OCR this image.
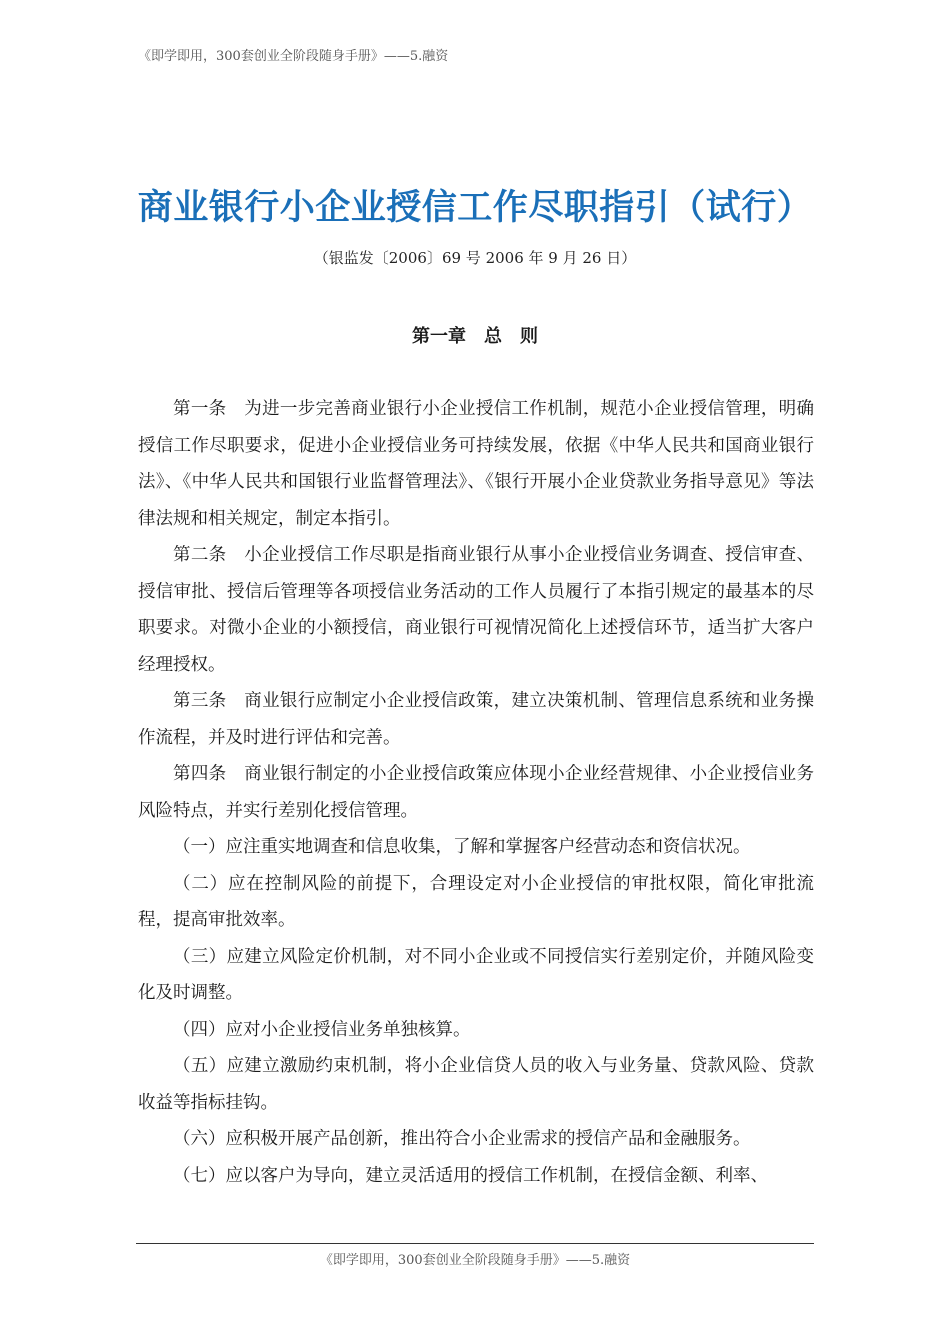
《即学即用，300套创业全阶段随身手册》——5.融资
商业银行小企业授信工作尽职指引（试行）
（银监发〔2006〕69 号 2006 年 9 月 26 日）
第一章　总　则

第一条　为进一步完善商业银行小企业授信工作机制，规范小企业授信管理，明确授信工作尽职要求，促进小企业授信业务可持续发展，依据《中华人民共和国商业银行法》、《中华人民共和国银行业监督管理法》、《银行开展小企业贷款业务指导意见》等法律法规和相关规定，制定本指引。

第二条　小企业授信工作尽职是指商业银行从事小企业授信业务调查、授信审查、授信审批、授信后管理等各项授信业务活动的工作人员履行了本指引规定的最基本的尽职要求。对微小企业的小额授信，商业银行可视情况简化上述授信环节，适当扩大客户经理授权。

第三条　商业银行应制定小企业授信政策，建立决策机制、管理信息系统和业务操作流程，并及时进行评估和完善。

第四条　商业银行制定的小企业授信政策应体现小企业经营规律、小企业授信业务风险特点，并实行差别化授信管理。

（一）应注重实地调查和信息收集，了解和掌握客户经营动态和资信状况。

（二）应在控制风险的前提下，合理设定对小企业授信的审批权限，简化审批流程，提高审批效率。

（三）应建立风险定价机制，对不同小企业或不同授信实行差别定价，并随风险变化及时调整。

（四）应对小企业授信业务单独核算。

（五）应建立激励约束机制，将小企业信贷人员的收入与业务量、贷款风险、贷款收益等指标挂钩。

（六）应积极开展产品创新，推出符合小企业需求的授信产品和金融服务。

（七）应以客户为导向，建立灵活适用的授信工作机制，在授信金额、利率、

《即学即用，300套创业全阶段随身手册》——5.融资
